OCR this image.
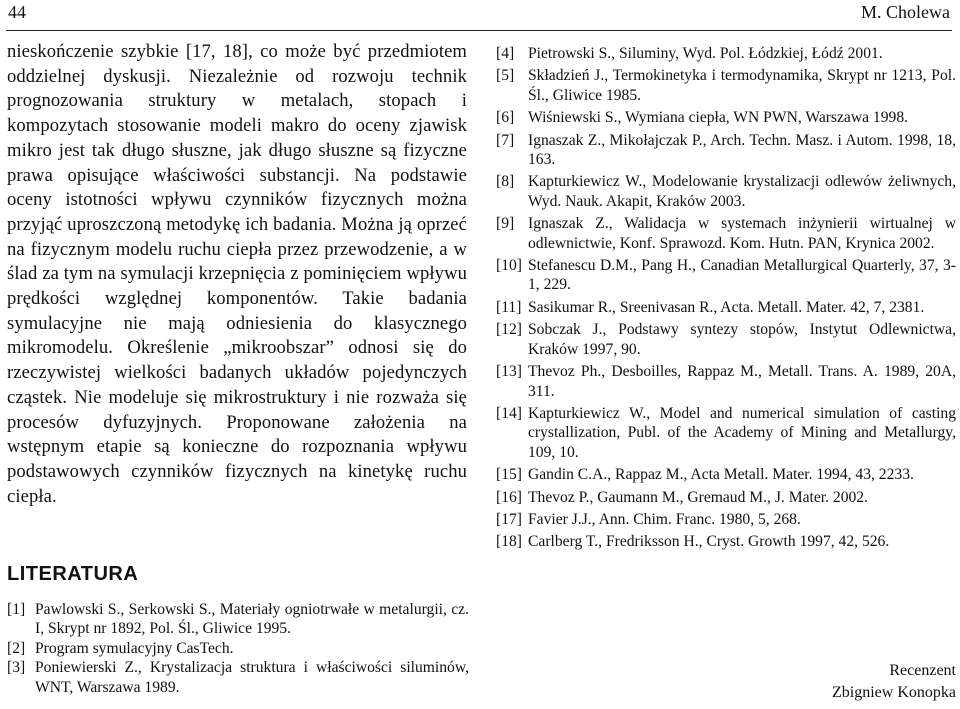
44	M. Cholewa

nieskończenie szybkie [17, 18], co może być przedmiotem oddzielnej dyskusji. Niezależnie od rozwoju technik prognozowania struktury w metalach, stopach i kompozytach stosowanie modeli makro do oceny zjawisk mikro jest tak długo słuszne, jak długo słuszne są fizyczne prawa opisujące właściwości substancji. Na podstawie oceny istotności wpływu czynników fizycznych można przyjąć uproszczoną metodykę ich badania. Można ją oprzeć na fizycznym modelu ruchu ciepła przez przewodzenie, a w ślad za tym na symulacji krzepnięcia z pominięciem wpływu prędkości względnej komponentów. Takie badania symulacyjne nie mają odniesienia do klasycznego mikromodelu. Określenie „mikroobszar” odnosi się do rzeczywistej wielkości badanych układów pojedynczych cząstek. Nie modeluje się mikrostruktury i nie rozważa się procesów dyfuzyjnych. Proponowane założenia na wstępnym etapie są konieczne do rozpoznania wpływu podstawowych czynników fizycznych na kinetykę ruchu ciepła.

LITERATURA
[1] Pawlowski S., Serkowski S., Materiały ogniotrwałe w metalurgii, cz. I, Skrypt nr 1892, Pol. Śl., Gliwice 1995.
[2] Program symulacyjny CasTech.
[3] Poniewierski Z., Krystalizacja struktura i właściwości siluminów, WNT, Warszawa 1989.
[4] Pietrowski S., Siluminy, Wyd. Pol. Łódzkiej, Łódź 2001.
[5] Składzień J., Termokinetyka i termodynamika, Skrypt nr 1213, Pol. Śl., Gliwice 1985.
[6] Wiśniewski S., Wymiana ciepła, WN PWN, Warszawa 1998.
[7] Ignaszak Z., Mikołajczak P., Arch. Techn. Masz. i Autom. 1998, 18, 163.
[8] Kapturkiewicz W., Modelowanie krystalizacji odlewów żeliwnych, Wyd. Nauk. Akapit, Kraków 2003.
[9] Ignaszak Z., Walidacja w systemach inżynierii wirtualnej w odlewnictwie, Konf. Sprawozd. Kom. Hutn. PAN, Krynica 2002.
[10] Stefanescu D.M., Pang H., Canadian Metallurgical Quarterly, 37, 3-1, 229.
[11] Sasikumar R., Sreenivasan R., Acta. Metall. Mater. 42, 7, 2381.
[12] Sobczak J., Podstawy syntezy stopów, Instytut Odlewnictwa, Kraków 1997, 90.
[13] Thevoz Ph., Desboilles, Rappaz M., Metall. Trans. A. 1989, 20A, 311.
[14] Kapturkiewicz W., Model and numerical simulation of casting crystallization, Publ. of the Academy of Mining and Metallurgy, 109, 10.
[15] Gandin C.A., Rappaz M., Acta Metall. Mater. 1994, 43, 2233.
[16] Thevoz P., Gaumann M., Gremaud M., J. Mater. 2002.
[17] Favier J.J., Ann. Chim. Franc. 1980, 5, 268.
[18] Carlberg T., Fredriksson H., Cryst. Growth 1997, 42, 526.
Recenzent
Zbigniew Konopka
